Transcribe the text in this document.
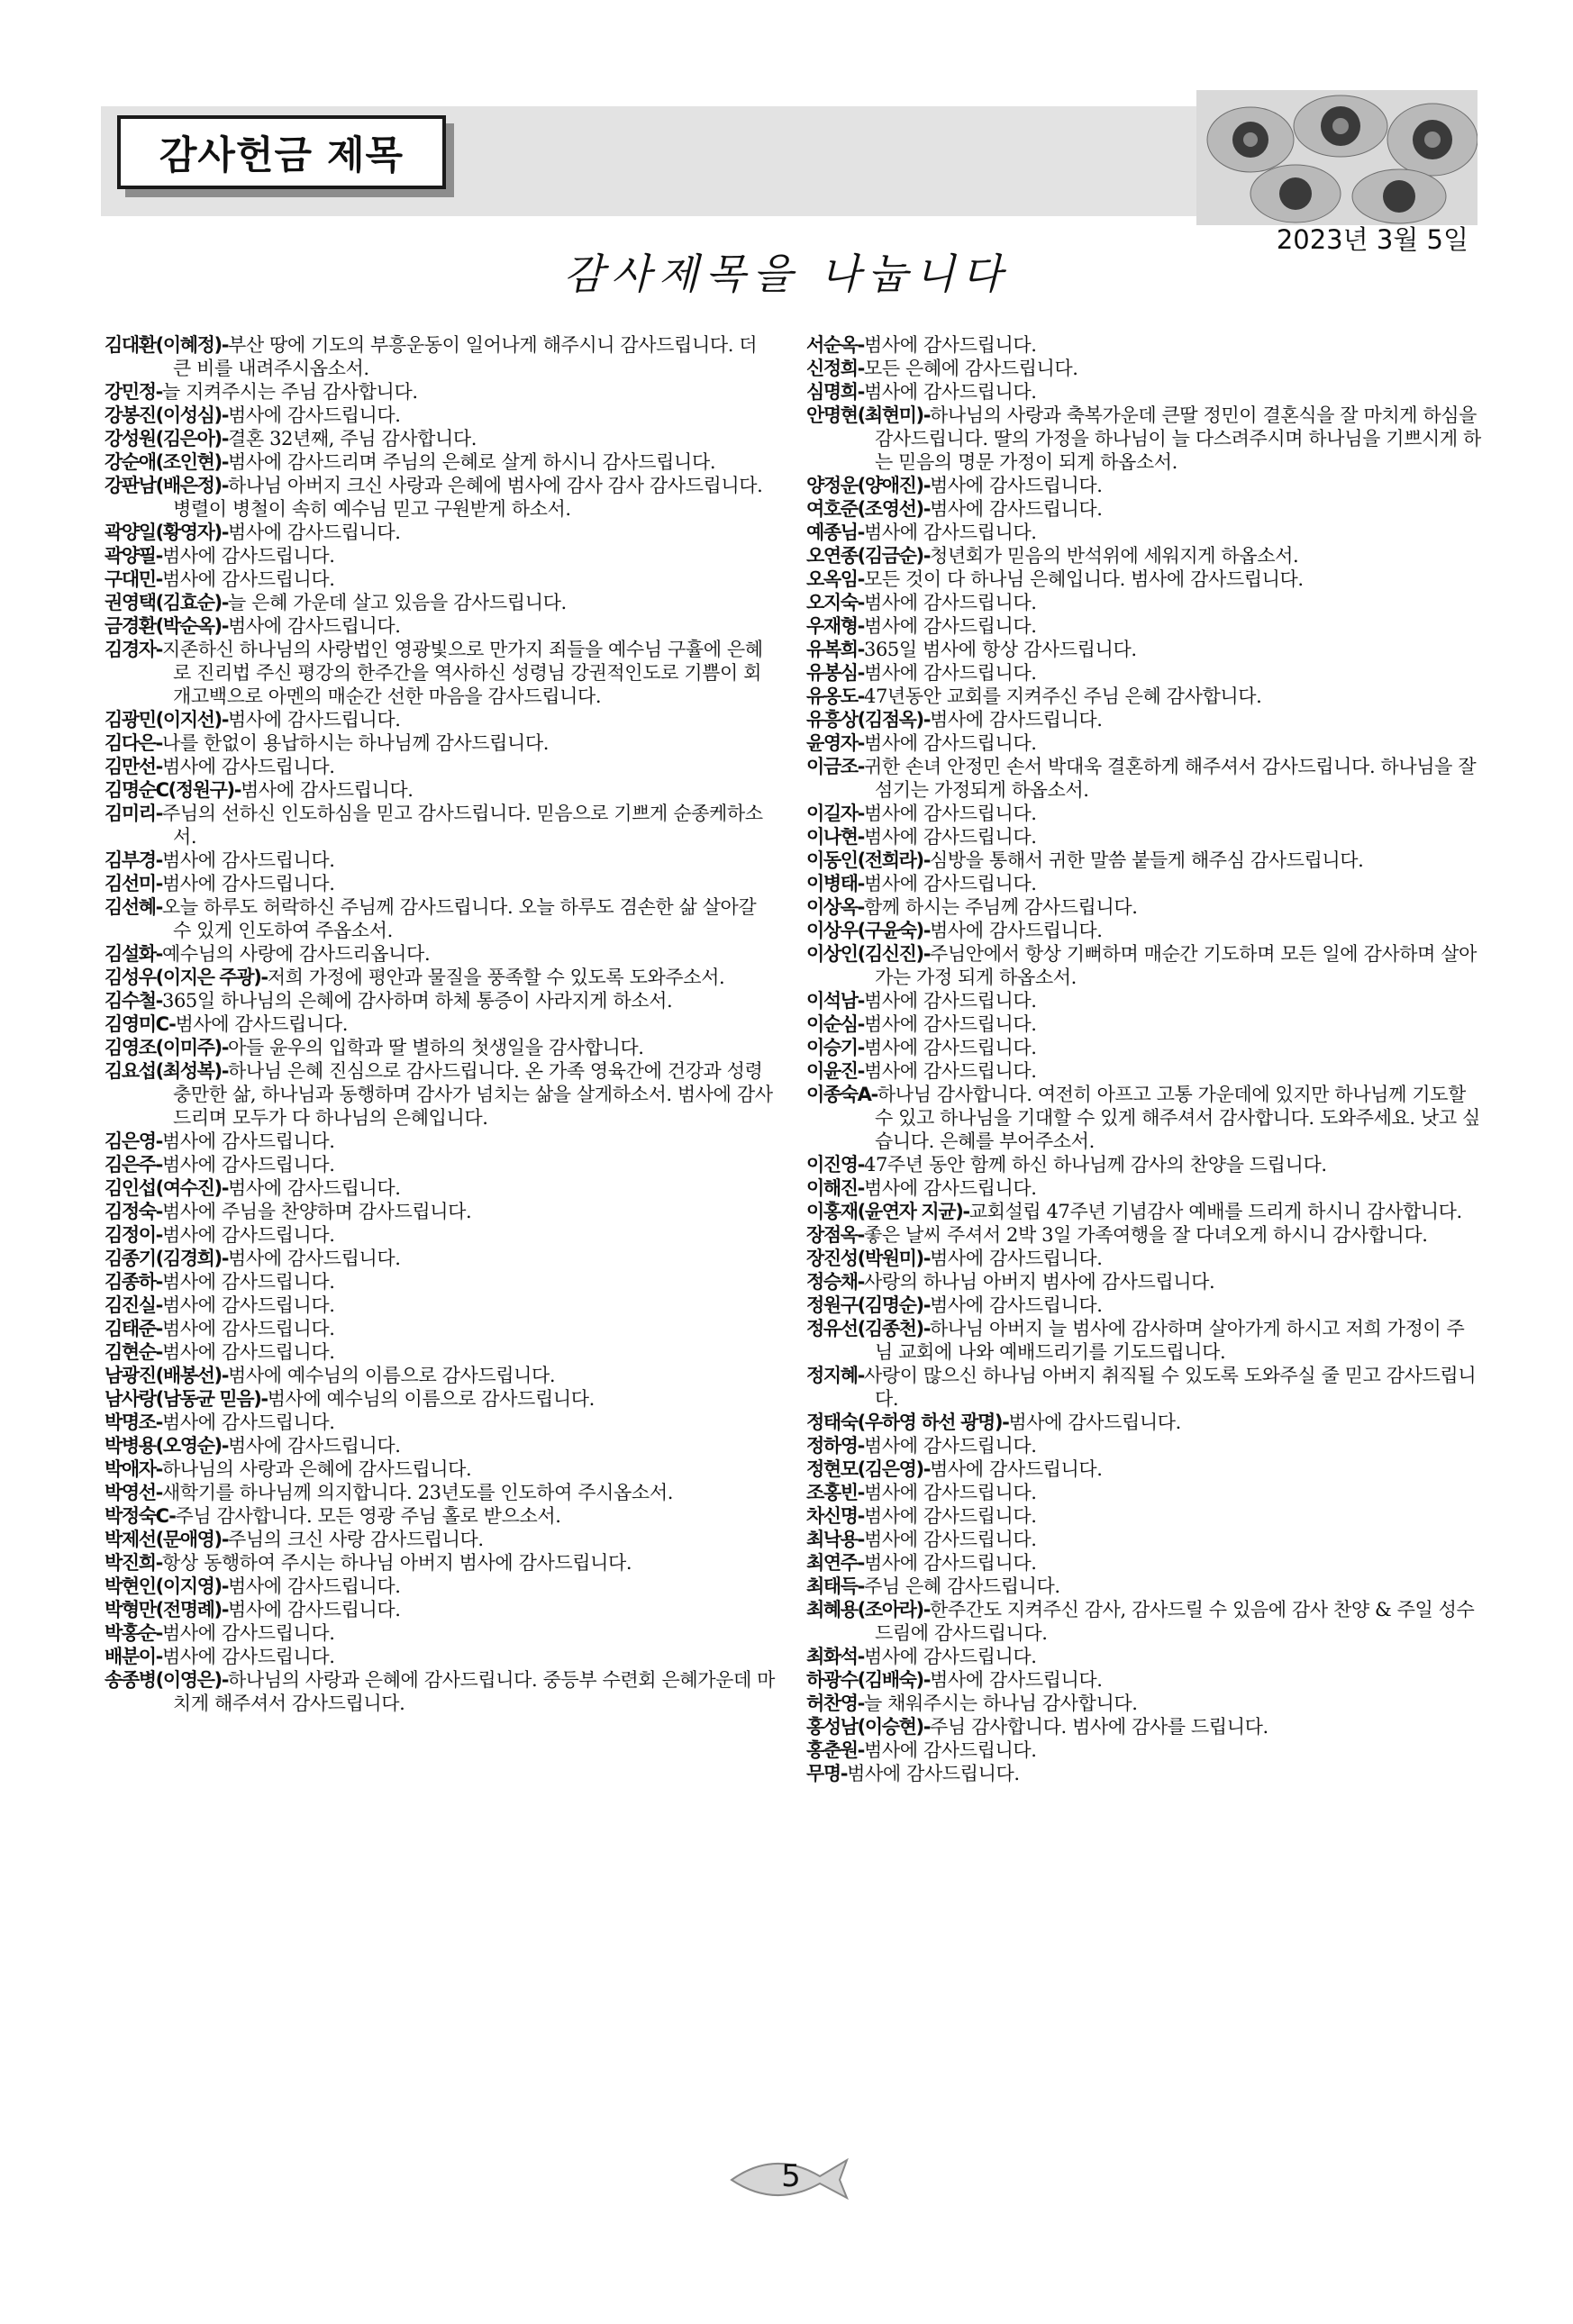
감사헌금 제목
2023년 3월 5일
감사제목을 나눕니다
김대환(이혜정)-부산 땅에 기도의 부흥운동이 일어나게 해주시니 감사드립니다. 더 큰 비를 내려주시옵소서.
강민정-늘 지켜주시는 주님 감사합니다.
강봉진(이성심)-범사에 감사드립니다.
강성원(김은아)-결혼 32년째, 주님 감사합니다.
강순애(조인현)-범사에 감사드리며 주님의 은혜로 살게 하시니 감사드립니다.
강판남(배은정)-하나님 아버지 크신 사랑과 은혜에 범사에 감사 감사 감사드립니다. 병렬이 병철이 속히 예수님 믿고 구원받게 하소서.
곽양일(황영자)-범사에 감사드립니다.
곽양필-범사에 감사드립니다.
구대민-범사에 감사드립니다.
권영택(김효순)-늘 은혜 가운데 살고 있음을 감사드립니다.
금경환(박순옥)-범사에 감사드립니다.
김경자-지존하신 하나님의 사랑법인 영광빛으로 만가지 죄들을 예수님 구휼에 은혜로 진리법 주신 평강의 한주간을 역사하신 성령님 강권적인도로 기쁨이 회개고백으로 아멘의 매순간 선한 마음을 감사드립니다.
김광민(이지선)-범사에 감사드립니다.
김다은-나를 한없이 용납하시는 하나님께 감사드립니다.
김만선-범사에 감사드립니다.
김명순C(정원구)-범사에 감사드립니다.
김미리-주님의 선하신 인도하심을 믿고 감사드립니다. 믿음으로 기쁘게 순종케하소서.
김부경-범사에 감사드립니다.
김선미-범사에 감사드립니다.
김선혜-오늘 하루도 허락하신 주님께 감사드립니다. 오늘 하루도 겸손한 삶 살아갈 수 있게 인도하여 주옵소서.
김설화-예수님의 사랑에 감사드리옵니다.
김성우(이지은 주광)-저희 가정에 평안과 물질을 풍족할 수 있도록 도와주소서.
김수철-365일 하나님의 은혜에 감사하며 하체 통증이 사라지게 하소서.
김영미C-범사에 감사드립니다.
김영조(이미주)-아들 윤우의 입학과 딸 별하의 첫생일을 감사합니다.
김요섭(최성복)-하나님 은혜 진심으로 감사드립니다. 온 가족 영육간에 건강과 성령충만한 삶, 하나님과 동행하며 감사가 넘치는 삶을 살게하소서. 범사에 감사드리며 모두가 다 하나님의 은혜입니다.
김은영-범사에 감사드립니다.
김은주-범사에 감사드립니다.
김인섭(여수진)-범사에 감사드립니다.
김정숙-범사에 주님을 찬양하며 감사드립니다.
김정이-범사에 감사드립니다.
김종기(김경희)-범사에 감사드립니다.
김종하-범사에 감사드립니다.
김진실-범사에 감사드립니다.
김태준-범사에 감사드립니다.
김현순-범사에 감사드립니다.
남광진(배봉선)-범사에 예수님의 이름으로 감사드립니다.
남사랑(남동균 믿음)-범사에 예수님의 이름으로 감사드립니다.
박명조-범사에 감사드립니다.
박병용(오영순)-범사에 감사드립니다.
박애자-하나님의 사랑과 은혜에 감사드립니다.
박영선-새학기를 하나님께 의지합니다. 23년도를 인도하여 주시옵소서.
박정숙C-주님 감사합니다. 모든 영광 주님 홀로 받으소서.
박제선(문애영)-주님의 크신 사랑 감사드립니다.
박진희-항상 동행하여 주시는 하나님 아버지 범사에 감사드립니다.
박현인(이지영)-범사에 감사드립니다.
박형만(전명례)-범사에 감사드립니다.
박홍순-범사에 감사드립니다.
배분이-범사에 감사드립니다.
송종병(이영은)-하나님의 사랑과 은혜에 감사드립니다. 중등부 수련회 은혜가운데 마치게 해주셔서 감사드립니다.
서순옥-범사에 감사드립니다.
신정희-모든 은혜에 감사드립니다.
심명희-범사에 감사드립니다.
안명현(최현미)-하나님의 사랑과 축복가운데 큰딸 정민이 결혼식을 잘 마치게 하심을 감사드립니다. 딸의 가정을 하나님이 늘 다스려주시며 하나님을 기쁘시게 하는 믿음의 명문 가정이 되게 하옵소서.
양정운(양애진)-범사에 감사드립니다.
여호준(조영선)-범사에 감사드립니다.
예종님-범사에 감사드립니다.
오연종(김금순)-청년회가 믿음의 반석위에 세워지게 하옵소서.
오옥임-모든 것이 다 하나님 은혜입니다. 범사에 감사드립니다.
오지숙-범사에 감사드립니다.
우재형-범사에 감사드립니다.
유복희-365일 범사에 항상 감사드립니다.
유봉심-범사에 감사드립니다.
유옹도-47년동안 교회를 지켜주신 주님 은혜 감사합니다.
유흥상(김점옥)-범사에 감사드립니다.
윤영자-범사에 감사드립니다.
이금조-귀한 손녀 안정민 손서 박대욱 결혼하게 해주셔서 감사드립니다. 하나님을 잘 섬기는 가정되게 하옵소서.
이길자-범사에 감사드립니다.
이나현-범사에 감사드립니다.
이동인(전희라)-심방을 통해서 귀한 말씀 붙들게 해주심 감사드립니다.
이병태-범사에 감사드립니다.
이상옥-함께 하시는 주님께 감사드립니다.
이상우(구윤숙)-범사에 감사드립니다.
이상인(김신진)-주님안에서 항상 기뻐하며 매순간 기도하며 모든 일에 감사하며 살아가는 가정 되게 하옵소서.
이석남-범사에 감사드립니다.
이순심-범사에 감사드립니다.
이승기-범사에 감사드립니다.
이윤진-범사에 감사드립니다.
이종숙A-하나님 감사합니다. 여전히 아프고 고통 가운데에 있지만 하나님께 기도할 수 있고 하나님을 기대할 수 있게 해주셔서 감사합니다. 도와주세요. 낫고 싶습니다. 은혜를 부어주소서.
이진영-47주년 동안 함께 하신 하나님께 감사의 찬양을 드립니다.
이해진-범사에 감사드립니다.
이홍재(윤연자 지균)-교회설립 47주년 기념감사 예배를 드리게 하시니 감사합니다.
장점옥-좋은 날씨 주셔서 2박 3일 가족여행을 잘 다녀오게 하시니 감사합니다.
장진성(박원미)-범사에 감사드립니다.
정승채-사랑의 하나님 아버지 범사에 감사드립니다.
정원구(김명순)-범사에 감사드립니다.
정유선(김종천)-하나님 아버지 늘 범사에 감사하며 살아가게 하시고 저희 가정이 주님 교회에 나와 예배드리기를 기도드립니다.
정지혜-사랑이 많으신 하나님 아버지 취직될 수 있도록 도와주실 줄 믿고 감사드립니다.
정태숙(우하영 하선 광명)-범사에 감사드립니다.
정하영-범사에 감사드립니다.
정현모(김은영)-범사에 감사드립니다.
조홍빈-범사에 감사드립니다.
차신명-범사에 감사드립니다.
최낙용-범사에 감사드립니다.
최연주-범사에 감사드립니다.
최태득-주님 은혜 감사드립니다.
최혜용(조아라)-한주간도 지켜주신 감사, 감사드릴 수 있음에 감사 찬양 & 주일 성수 드림에 감사드립니다.
최화석-범사에 감사드립니다.
하광수(김배숙)-범사에 감사드립니다.
허찬영-늘 채워주시는 하나님 감사합니다.
홍성남(이승현)-주님 감사합니다. 범사에 감사를 드립니다.
홍춘원-범사에 감사드립니다.
무명-범사에 감사드립니다.
5
